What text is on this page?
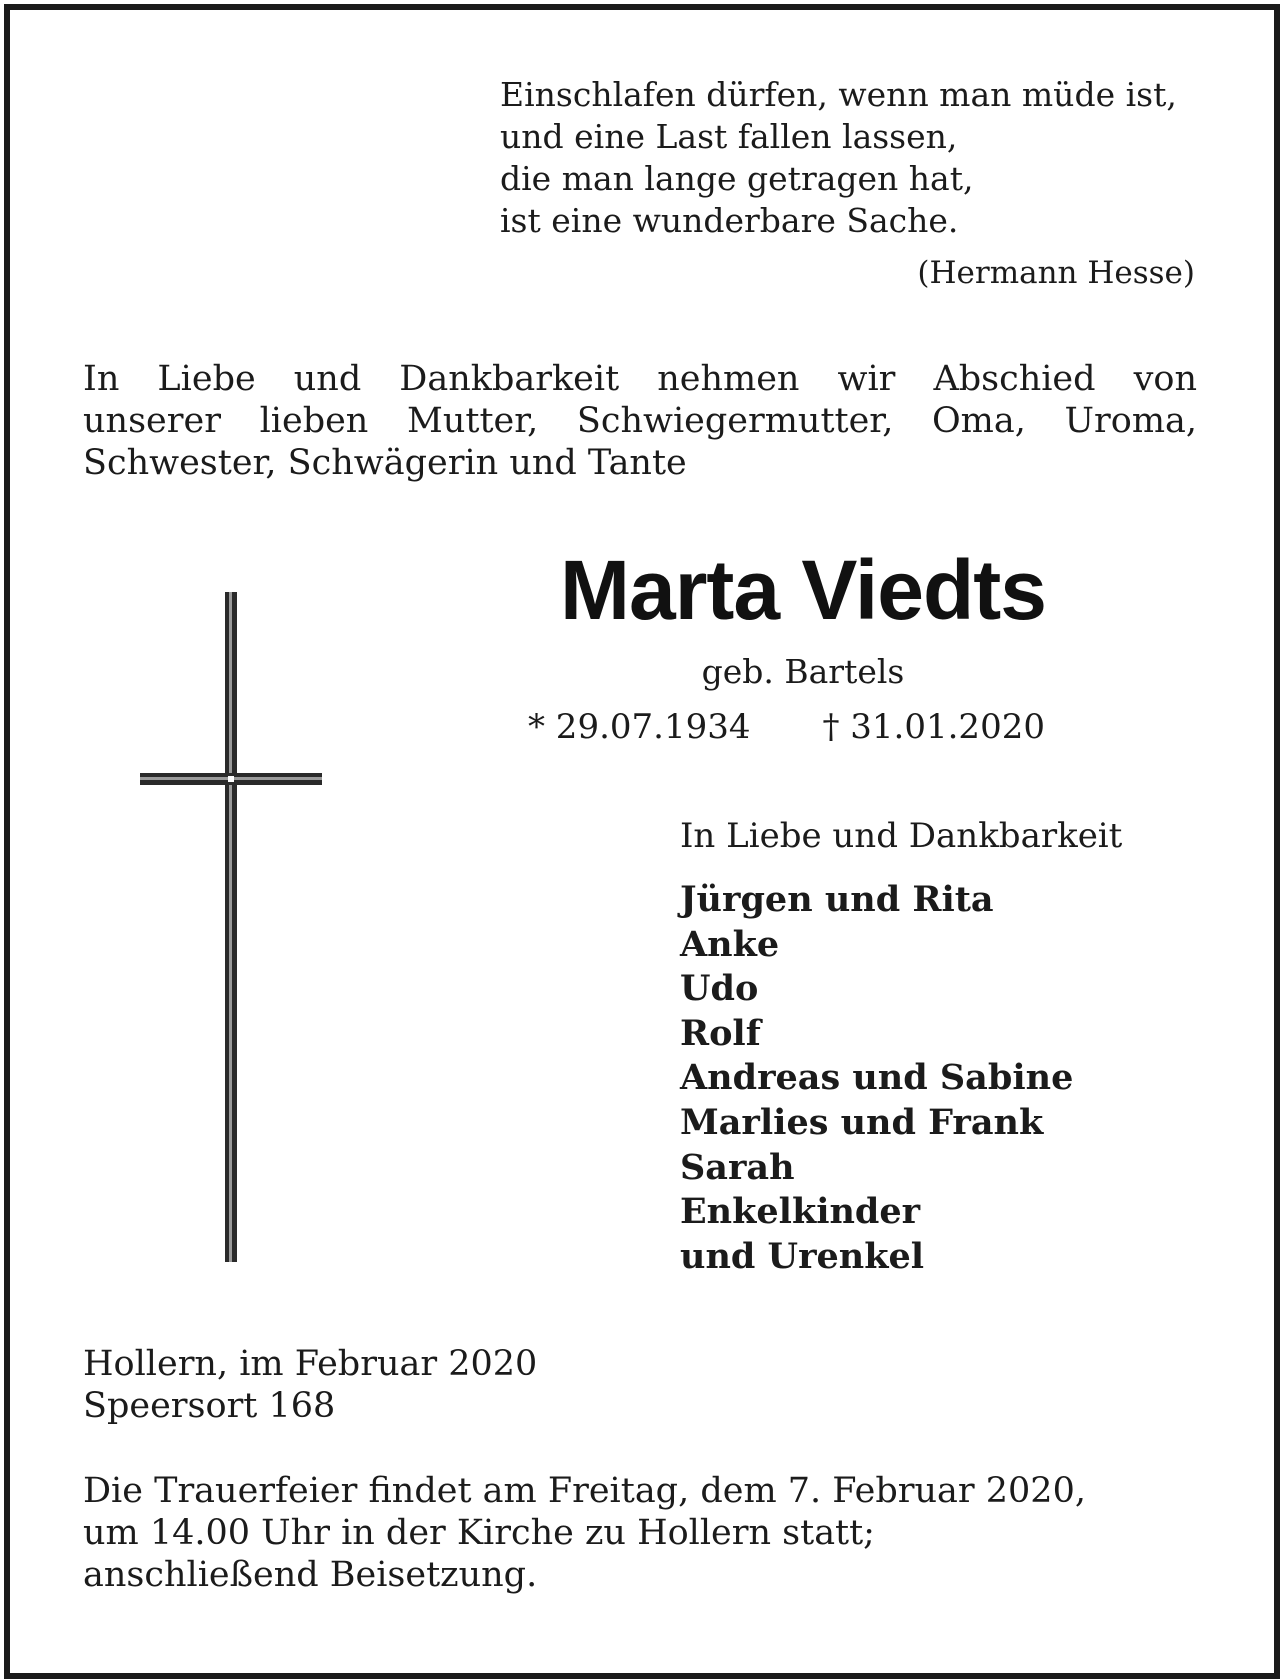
Einschlafen dürfen, wenn man müde ist,
und eine Last fallen lassen,
die man lange getragen hat,
ist eine wunderbare Sache.
(Hermann Hesse)
In Liebe und Dankbarkeit nehmen wir Abschied von
unserer lieben Mutter, Schwiegermutter, Oma, Uroma,
Schwester, Schwägerin und Tante
Marta Viedts
geb. Bartels
* 29.07.1934 † 31.01.2020
In Liebe und Dankbarkeit
Jürgen und Rita
Anke
Udo
Rolf
Andreas und Sabine
Marlies und Frank
Sarah
Enkelkinder
und Urenkel
Hollern, im Februar 2020
Speersort 168
Die Trauerfeier findet am Freitag, dem 7. Februar 2020,
um 14.00 Uhr in der Kirche zu Hollern statt;
anschließend Beisetzung.
